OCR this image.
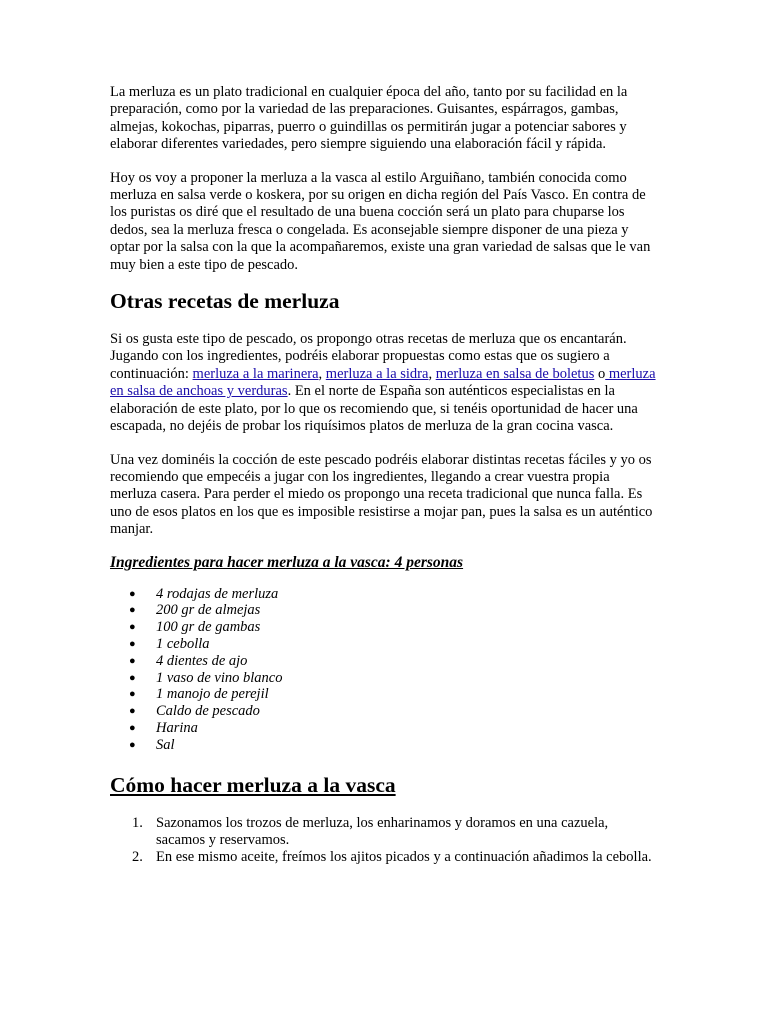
La merluza es un plato tradicional en cualquier época del año, tanto por su facilidad en la preparación, como por la variedad de las preparaciones. Guisantes, espárragos, gambas, almejas, kokochas, piparras, puerro o guindillas os permitirán jugar a potenciar sabores y elaborar diferentes variedades, pero siempre siguiendo una elaboración fácil y rápida.

Hoy os voy a proponer la merluza a la vasca al estilo Arguiñano, también conocida como merluza en salsa verde o koskera, por su origen en dicha región del País Vasco. En contra de los puristas os diré que el resultado de una buena cocción será un plato para chuparse los dedos, sea la merluza fresca o congelada. Es aconsejable siempre disponer de una pieza y optar por la salsa con la que la acompañaremos, existe una gran variedad de salsas que le van muy bien a este tipo de pescado.

Otras recetas de merluza

Si os gusta este tipo de pescado, os propongo otras recetas de merluza que os encantarán. Jugando con los ingredientes, podréis elaborar propuestas como estas que os sugiero a continuación: merluza a la marinera, merluza a la sidra, merluza en salsa de boletus o merluza en salsa de anchoas y verduras. En el norte de España son auténticos especialistas en la elaboración de este plato, por lo que os recomiendo que, si tenéis oportunidad de hacer una escapada, no dejéis de probar los riquísimos platos de merluza de la gran cocina vasca.

Una vez dominéis la cocción de este pescado podréis elaborar distintas recetas fáciles y yo os recomiendo que empecéis a jugar con los ingredientes, llegando a crear vuestra propia merluza casera. Para perder el miedo os propongo una receta tradicional que nunca falla. Es uno de esos platos en los que es imposible resistirse a mojar pan, pues la salsa es un auténtico manjar.

Ingredientes para hacer merluza a la vasca: 4 personas
● 4 rodajas de merluza
● 200 gr de almejas
● 100 gr de gambas
● 1 cebolla
● 4 dientes de ajo
● 1 vaso de vino blanco
● 1 manojo de perejil
● Caldo de pescado
● Harina
● Sal
Cómo hacer merluza a la vasca
1. Sazonamos los trozos de merluza, los enharinamos y doramos en una cazuela, sacamos y reservamos.
2. En ese mismo aceite, freímos los ajitos picados y a continuación añadimos la cebolla.
